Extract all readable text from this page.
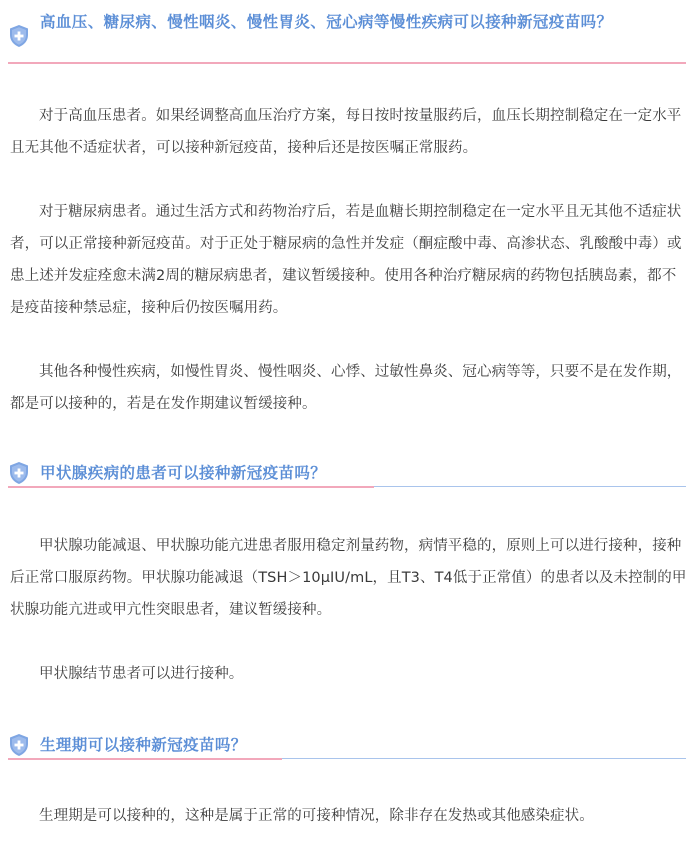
高血压、糖尿病、慢性咽炎、慢性胃炎、冠心病等慢性疾病可以接种新冠疫苗吗？

对于高血压患者。如果经调整高血压治疗方案，每日按时按量服药后，血压长期控制稳定在一定水平且无其他不适症状者，可以接种新冠疫苗，接种后还是按医嘱正常服药。

对于糖尿病患者。通过生活方式和药物治疗后，若是血糖长期控制稳定在一定水平且无其他不适症状者，可以正常接种新冠疫苗。对于正处于糖尿病的急性并发症（酮症酸中毒、高渗状态、乳酸酸中毒）或患上述并发症痊愈未满2周的糖尿病患者，建议暂缓接种。使用各种治疗糖尿病的药物包括胰岛素，都不是疫苗接种禁忌症，接种后仍按医嘱用药。

其他各种慢性疾病，如慢性胃炎、慢性咽炎、心悸、过敏性鼻炎、冠心病等等，只要不是在发作期，都是可以接种的，若是在发作期建议暂缓接种。

甲状腺疾病的患者可以接种新冠疫苗吗？

甲状腺功能减退、甲状腺功能亢进患者服用稳定剂量药物，病情平稳的，原则上可以进行接种，接种后正常口服原药物。甲状腺功能减退（TSH＞10μIU/mL，且T3、T4低于正常值）的患者以及未控制的甲状腺功能亢进或甲亢性突眼患者，建议暂缓接种。

甲状腺结节患者可以进行接种。

生理期可以接种新冠疫苗吗？

生理期是可以接种的，这种是属于正常的可接种情况，除非存在发热或其他感染症状。
